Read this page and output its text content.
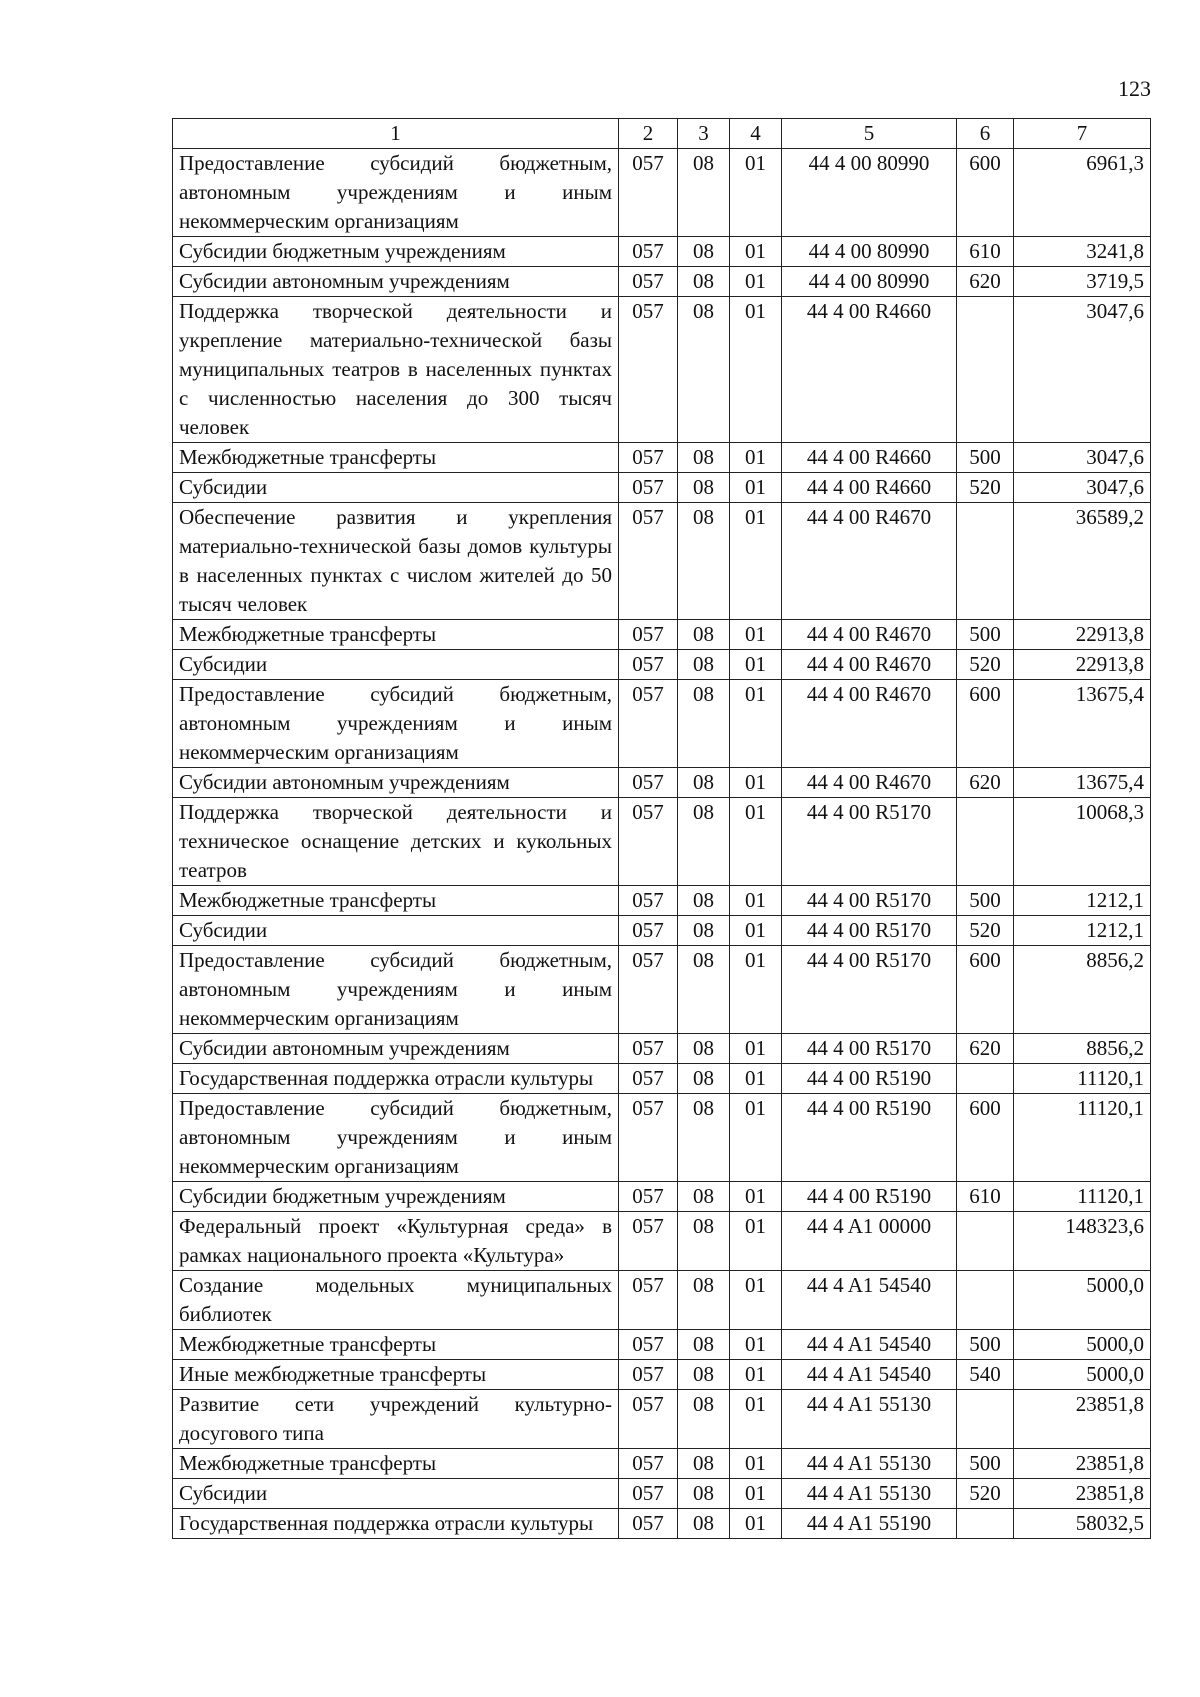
123
1	2	3	4	5	6	7
Предоставление субсидий бюджетным, автономным учреждениям и иным некоммерческим организациям	057	08	01	44 4 00 80990	600	6961,3
Субсидии бюджетным учреждениям	057	08	01	44 4 00 80990	610	3241,8
Субсидии автономным учреждениям	057	08	01	44 4 00 80990	620	3719,5
Поддержка творческой деятельности и укрепление материально-технической базы муниципальных театров в населенных пунктах с численностью населения до 300 тысяч человек	057	08	01	44 4 00 R4660		3047,6
Межбюджетные трансферты	057	08	01	44 4 00 R4660	500	3047,6
Субсидии	057	08	01	44 4 00 R4660	520	3047,6
Обеспечение развития и укрепления материально-технической базы домов культуры в населенных пунктах с числом жителей до 50 тысяч человек	057	08	01	44 4 00 R4670		36589,2
Межбюджетные трансферты	057	08	01	44 4 00 R4670	500	22913,8
Субсидии	057	08	01	44 4 00 R4670	520	22913,8
Предоставление субсидий бюджетным, автономным учреждениям и иным некоммерческим организациям	057	08	01	44 4 00 R4670	600	13675,4
Субсидии автономным учреждениям	057	08	01	44 4 00 R4670	620	13675,4
Поддержка творческой деятельности и техническое оснащение детских и кукольных театров	057	08	01	44 4 00 R5170		10068,3
Межбюджетные трансферты	057	08	01	44 4 00 R5170	500	1212,1
Субсидии	057	08	01	44 4 00 R5170	520	1212,1
Предоставление субсидий бюджетным, автономным учреждениям и иным некоммерческим организациям	057	08	01	44 4 00 R5170	600	8856,2
Субсидии автономным учреждениям	057	08	01	44 4 00 R5170	620	8856,2
Государственная поддержка отрасли культуры	057	08	01	44 4 00 R5190		11120,1
Предоставление субсидий бюджетным, автономным учреждениям и иным некоммерческим организациям	057	08	01	44 4 00 R5190	600	11120,1
Субсидии бюджетным учреждениям	057	08	01	44 4 00 R5190	610	11120,1
Федеральный проект «Культурная среда» в рамках национального проекта «Культура»	057	08	01	44 4 A1 00000		148323,6
Создание модельных муниципальных библиотек	057	08	01	44 4 A1 54540		5000,0
Межбюджетные трансферты	057	08	01	44 4 A1 54540	500	5000,0
Иные межбюджетные трансферты	057	08	01	44 4 A1 54540	540	5000,0
Развитие сети учреждений культурно-досугового типа	057	08	01	44 4 A1 55130		23851,8
Межбюджетные трансферты	057	08	01	44 4 A1 55130	500	23851,8
Субсидии	057	08	01	44 4 A1 55130	520	23851,8
Государственная поддержка отрасли культуры	057	08	01	44 4 A1 55190		58032,5
